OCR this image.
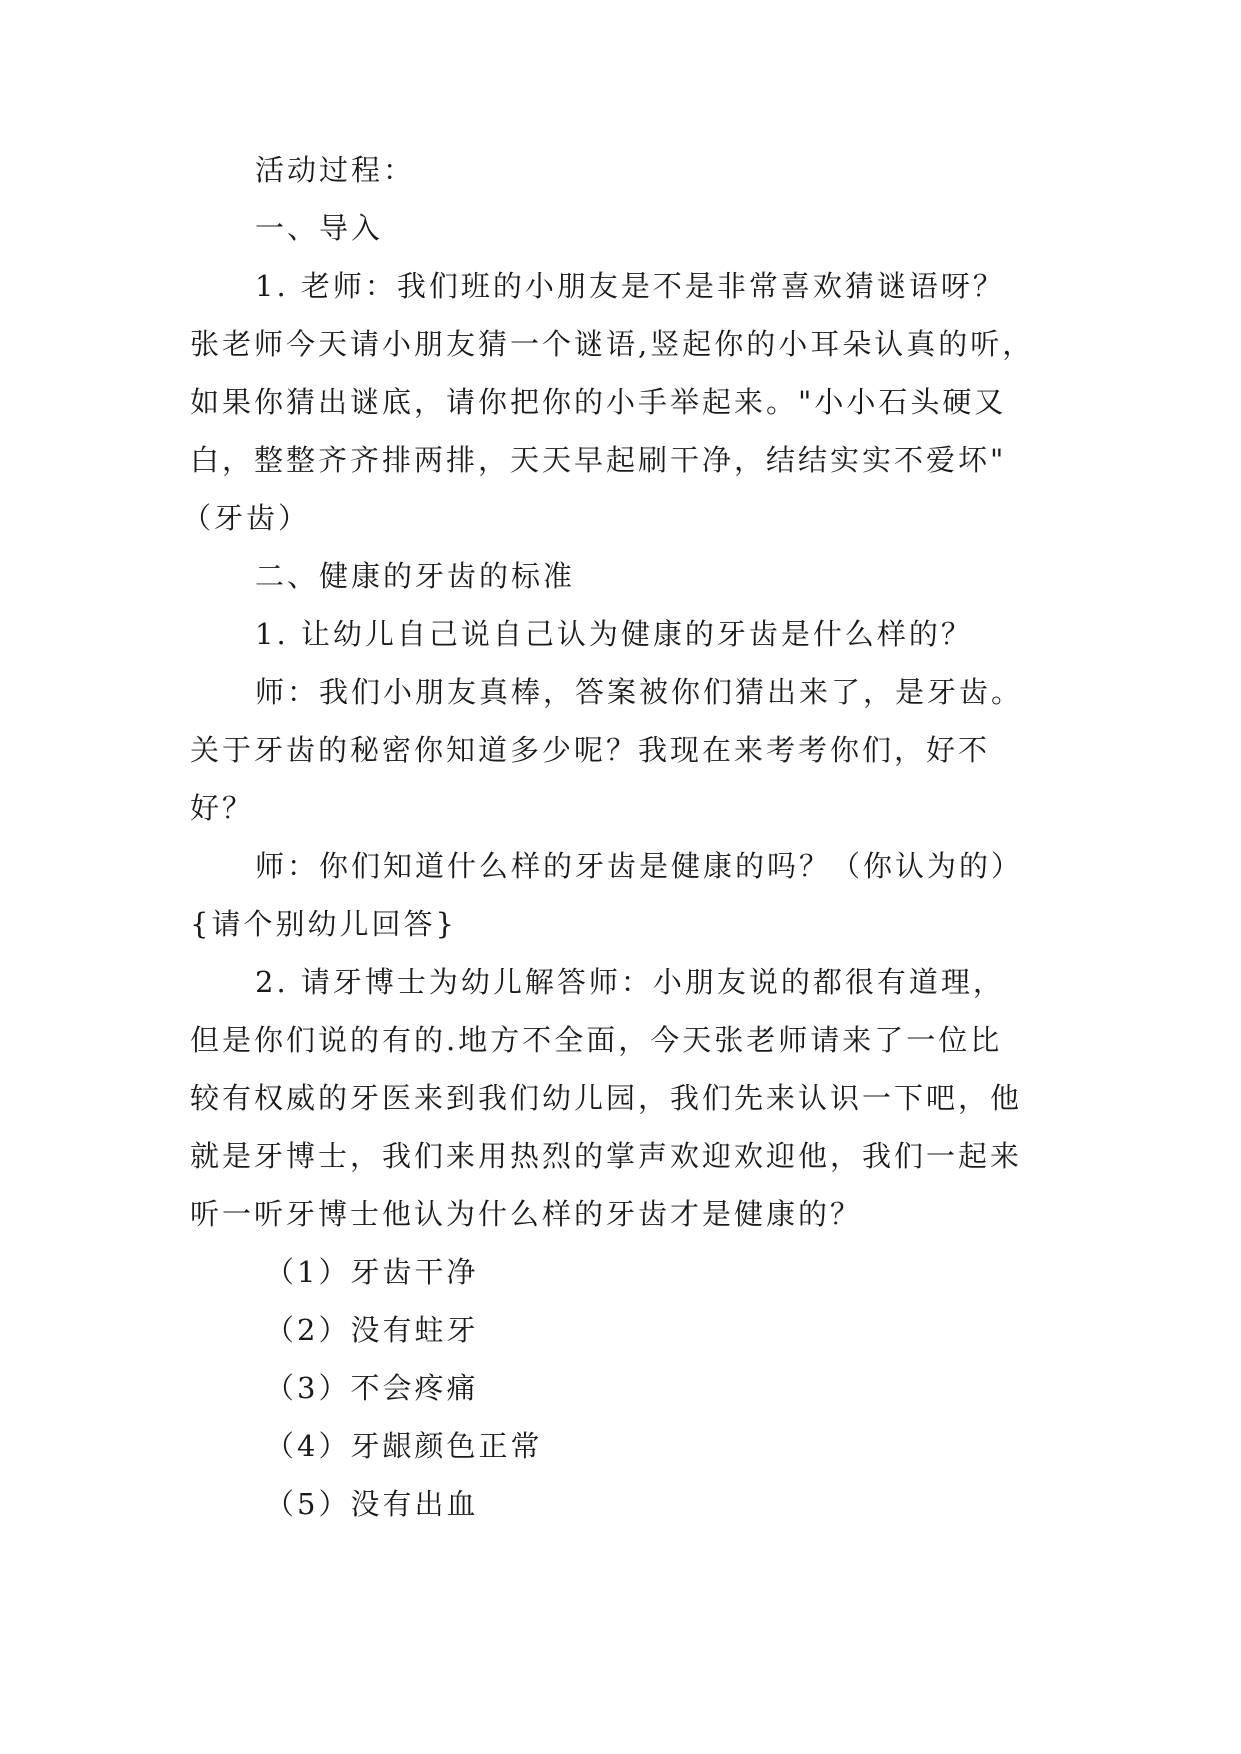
活动过程：
一、导入
1. 老师：我们班的小朋友是不是非常喜欢猜谜语呀？
张老师今天请小朋友猜一个谜语,竖起你的小耳朵认真的听，
如果你猜出谜底，请你把你的小手举起来。"小小石头硬又
白，整整齐齐排两排，天天早起刷干净，结结实实不爱坏"
（牙齿）
二、健康的牙齿的标准
1. 让幼儿自己说自己认为健康的牙齿是什么样的？
师：我们小朋友真棒，答案被你们猜出来了，是牙齿。
关于牙齿的秘密你知道多少呢？我现在来考考你们，好不
好？
师：你们知道什么样的牙齿是健康的吗？（你认为的）
{请个别幼儿回答}
2. 请牙博士为幼儿解答师：小朋友说的都很有道理，
但是你们说的有的.地方不全面，今天张老师请来了一位比
较有权威的牙医来到我们幼儿园，我们先来认识一下吧，他
就是牙博士，我们来用热烈的掌声欢迎欢迎他，我们一起来
听一听牙博士他认为什么样的牙齿才是健康的？
（1）牙齿干净
（2）没有蛀牙
（3）不会疼痛
（4）牙龈颜色正常
（5）没有出血
